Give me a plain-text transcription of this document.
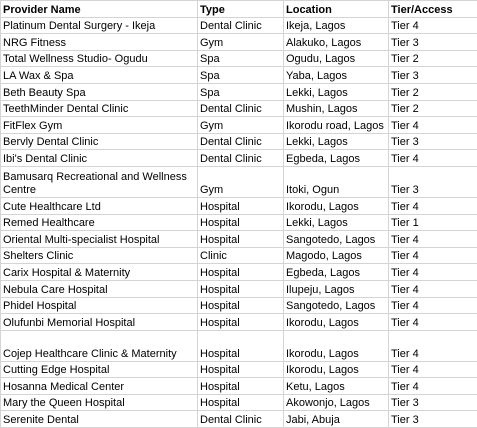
Provider Name	Type	Location	Tier/Access
Platinum Dental Surgery - Ikeja	Dental Clinic	Ikeja, Lagos	Tier 4
NRG Fitness	Gym	Alakuko, Lagos	Tier 3
Total Wellness Studio- Ogudu	Spa	Ogudu, Lagos	Tier 2
LA Wax & Spa	Spa	Yaba, Lagos	Tier 3
Beth Beauty Spa	Spa	Lekki, Lagos	Tier 2
TeethMinder Dental Clinic	Dental Clinic	Mushin, Lagos	Tier 2
FitFlex Gym	Gym	Ikorodu road, Lagos	Tier 4
Bervly Dental Clinic	Dental Clinic	Lekki, Lagos	Tier 3
Ibi's Dental Clinic	Dental Clinic	Egbeda, Lagos	Tier 4
Bamusarq Recreational and Wellness Centre	Gym	Itoki, Ogun	Tier 3
Cute Healthcare Ltd	Hospital	Ikorodu, Lagos	Tier 4
Remed Healthcare	Hospital	Lekki, Lagos	Tier 1
Oriental Multi-specialist Hospital	Hospital	Sangotedo, Lagos	Tier 4
Shelters Clinic	Clinic	Magodo, Lagos	Tier 4
Carix Hospital & Maternity	Hospital	Egbeda, Lagos	Tier 4
Nebula Care Hospital	Hospital	Ilupeju, Lagos	Tier 4
Phidel Hospital	Hospital	Sangotedo, Lagos	Tier 4
Olufunbi Memorial Hospital	Hospital	Ikorodu, Lagos	Tier 4
Cojep Healthcare Clinic & Maternity	Hospital	Ikorodu, Lagos	Tier 4
Cutting Edge Hospital	Hospital	Ikorodu, Lagos	Tier 4
Hosanna Medical Center	Hospital	Ketu, Lagos	Tier 4
Mary the Queen Hospital	Hospital	Akowonjo, Lagos	Tier 3
Serenite Dental	Dental Clinic	Jabi, Abuja	Tier 3
